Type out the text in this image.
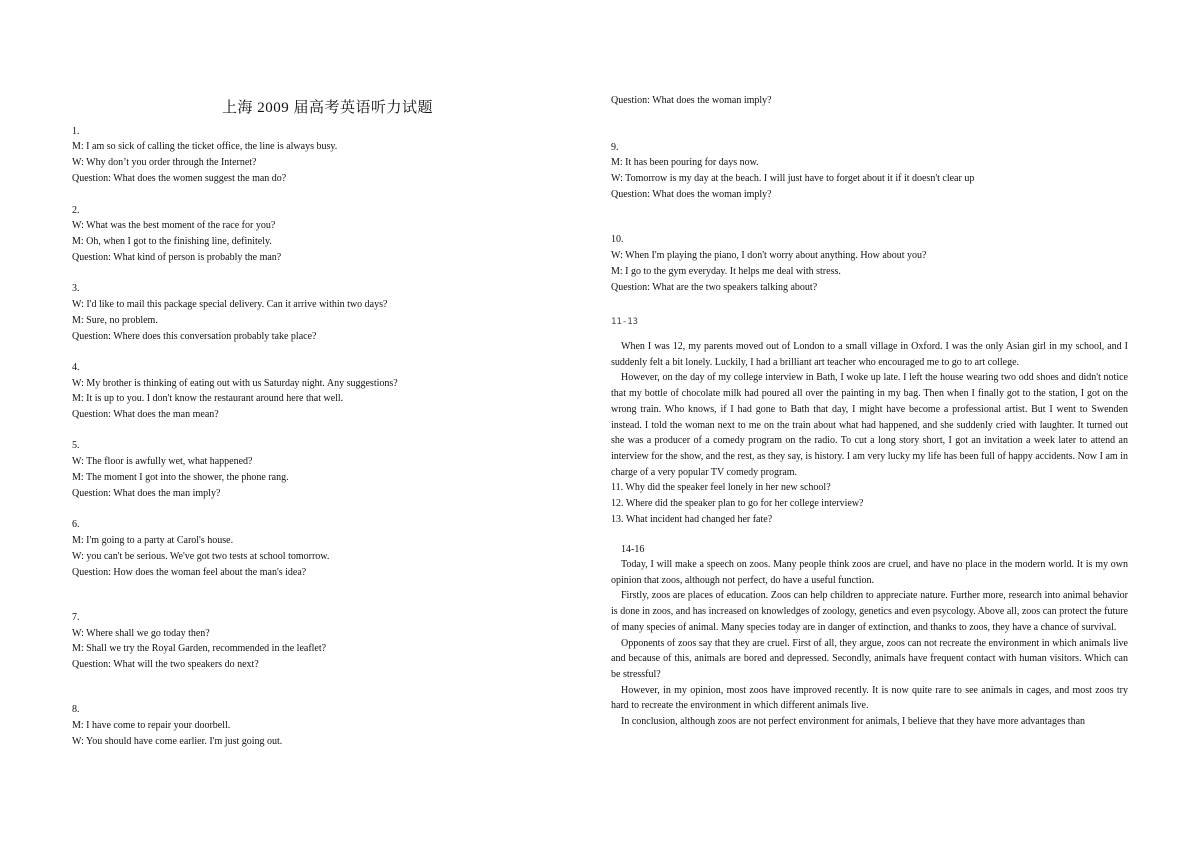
上海 2009 届高考英语听力试题
1.
M: I am so sick of calling the ticket office, the line is always busy.
W: Why don’t you order through the Internet?
Question: What does the women suggest the man do?
2.
W: What was the best moment of the race for you?
M: Oh, when I got to the finishing line, definitely.
Question: What kind of person is probably the man?
3.
W: I'd like to mail this package special delivery. Can it arrive within two days?
M: Sure, no problem.
Question: Where does this conversation probably take place?
4.
W: My brother is thinking of eating out with us Saturday night. Any suggestions?
M: It is up to you. I don't know the restaurant around here that well.
Question: What does the man mean?
5.
W: The floor is awfully wet, what happened?
M: The moment I got into the shower, the phone rang.
Question: What does the man imply?
6.
M: I'm going to a party at Carol's house.
W: you can't be serious. We've got two tests at school tomorrow.
Question: How does the woman feel about the man's idea?
7.
W: Where shall we go today then?
M: Shall we try the Royal Garden, recommended in the leaflet?
Question: What will the two speakers do next?
8.
M: I have come to repair your doorbell.
W: You should have come earlier. I'm just going out.
Question: What does the woman imply?
9.
M: It has been pouring for days now.
W: Tomorrow is my day at the beach. I will just have to forget about it if it doesn't clear up
Question: What does the woman imply?
10.
W: When I'm playing the piano, I don't worry about anything. How about you?
M: I go to the gym everyday. It helps me deal with stress.
Question: What are the two speakers talking about?
11-13

When I was 12, my parents moved out of London to a small village in Oxford. I was the only Asian girl in my school, and I suddenly felt a bit lonely. Luckily, I had a brilliant art teacher who encouraged me to go to art college.

However, on the day of my college interview in Bath, I woke up late. I left the house wearing two odd shoes and didn't notice that my bottle of chocolate milk had poured all over the painting in my bag. Then when I finally got to the station, I got on the wrong train. Who knows, if I had gone to Bath that day, I might have become a professional artist. But I went to Swenden instead. I told the woman next to me on the train about what had happened, and she suddenly cried with laughter. It turned out she was a producer of a comedy program on the radio. To cut a long story short, I got an invitation a week later to attend an interview for the show, and the rest, as they say, is history. I am very lucky my life has been full of happy accidents. Now I am in charge of a very popular TV comedy program.

11. Why did the speaker feel lonely in her new school?

12. Where did the speaker plan to go for her college interview?

13. What incident had changed her fate?

14-16

Today, I will make a speech on zoos. Many people think zoos are cruel, and have no place in the modern world. It is my own opinion that zoos, although not perfect, do have a useful function.

Firstly, zoos are places of education. Zoos can help children to appreciate nature. Further more, research into animal behavior is done in zoos, and has increased on knowledges of zoology, genetics and even psycology. Above all, zoos can protect the future of many species of animal. Many species today are in danger of extinction, and thanks to zoos, they have a chance of survival.

Opponents of zoos say that they are cruel. First of all, they argue, zoos can not recreate the environment in which animals live and because of this, animals are bored and depressed. Secondly, animals have frequent contact with human visitors. Which can be stressful?

However, in my opinion, most zoos have improved recently. It is now quite rare to see animals in cages, and most zoos try hard to recreate the environment in which different animals live.

In conclusion, although zoos are not perfect environment for animals, I believe that they have more advantages than
